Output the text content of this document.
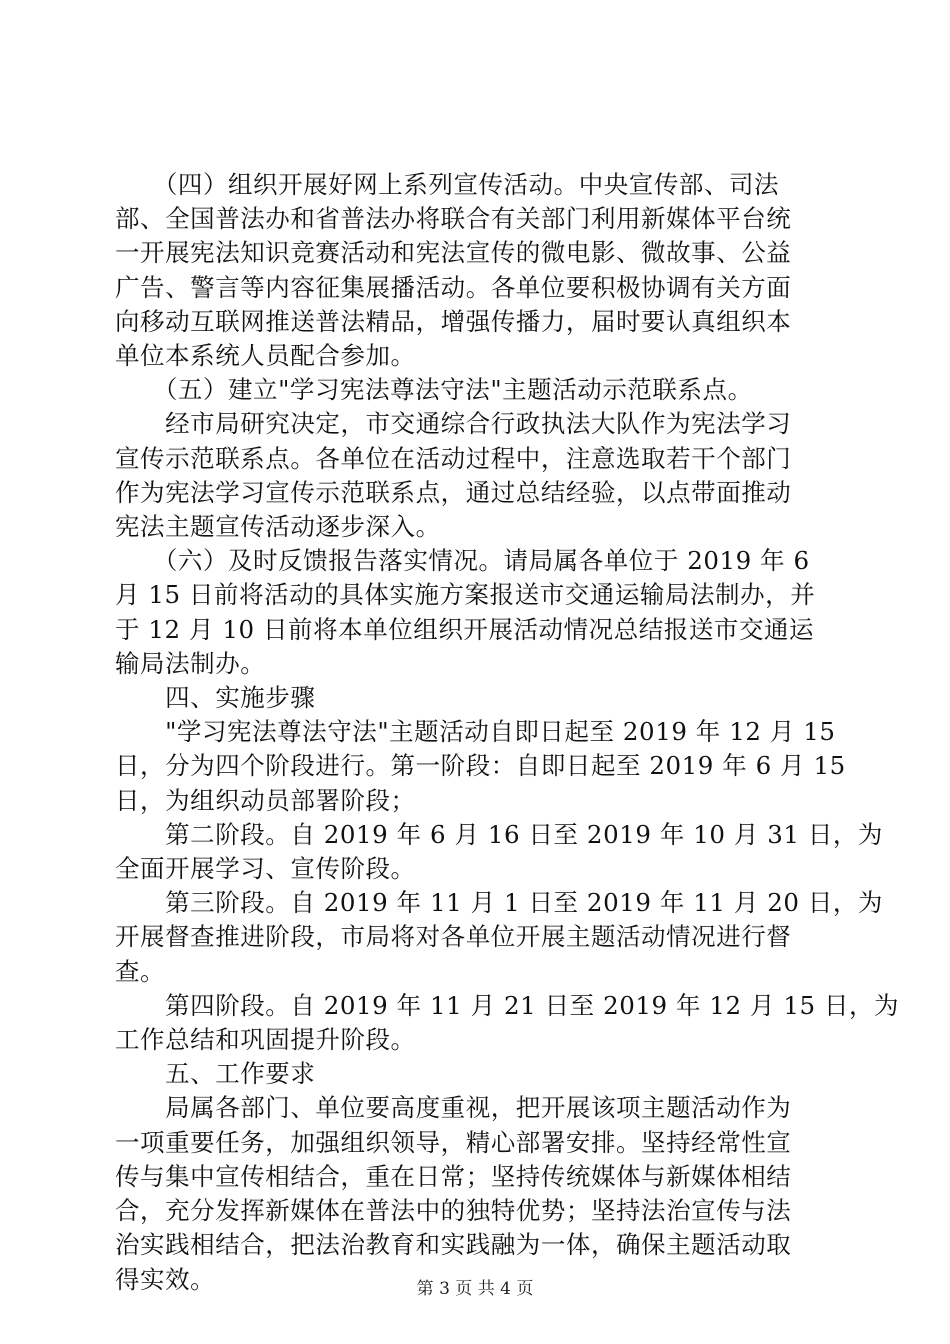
　　（四）组织开展好网上系列宣传活动。中央宣传部、司法
部、全国普法办和省普法办将联合有关部门利用新媒体平台统
一开展宪法知识竞赛活动和宪法宣传的微电影、微故事、公益
广告、警言等内容征集展播活动。各单位要积极协调有关方面
向移动互联网推送普法精品，增强传播力，届时要认真组织本
单位本系统人员配合参加。
　　（五）建立"学习宪法尊法守法"主题活动示范联系点。
　　经市局研究决定，市交通综合行政执法大队作为宪法学习
宣传示范联系点。各单位在活动过程中，注意选取若干个部门
作为宪法学习宣传示范联系点，通过总结经验，以点带面推动
宪法主题宣传活动逐步深入。
　　（六）及时反馈报告落实情况。请局属各单位于 2019 年 6
月 15 日前将活动的具体实施方案报送市交通运输局法制办，并
于 12 月 10 日前将本单位组织开展活动情况总结报送市交通运
输局法制办。
　　四、实施步骤
　　"学习宪法尊法守法"主题活动自即日起至 2019 年 12 月 15
日，分为四个阶段进行。第一阶段：自即日起至 2019 年 6 月 15
日，为组织动员部署阶段；
　　第二阶段。自 2019 年 6 月 16 日至 2019 年 10 月 31 日，为
全面开展学习、宣传阶段。
　　第三阶段。自 2019 年 11 月 1 日至 2019 年 11 月 20 日，为
开展督查推进阶段，市局将对各单位开展主题活动情况进行督
查。
　　第四阶段。自 2019 年 11 月 21 日至 2019 年 12 月 15 日，为
工作总结和巩固提升阶段。
　　五、工作要求
　　局属各部门、单位要高度重视，把开展该项主题活动作为
一项重要任务，加强组织领导，精心部署安排。坚持经常性宣
传与集中宣传相结合，重在日常；坚持传统媒体与新媒体相结
合，充分发挥新媒体在普法中的独特优势；坚持法治宣传与法
治实践相结合，把法治教育和实践融为一体，确保主题活动取
得实效。	第 3 页 共 4 页
